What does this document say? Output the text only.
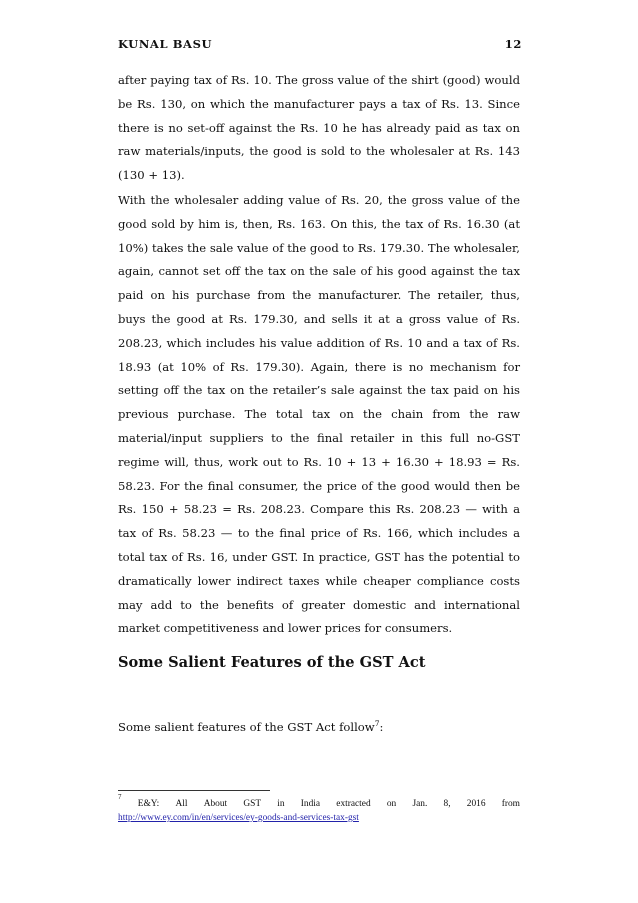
KUNAL BASU	12

after paying tax of Rs. 10. The gross value of the shirt (good) would be Rs. 130, on which the manufacturer pays a tax of Rs. 13. Since there is no set-off against the Rs. 10 he has already paid as tax on raw materials/inputs, the good is sold to the wholesaler at Rs. 143 (130 + 13).

With the wholesaler adding value of Rs. 20, the gross value of the good sold by him is, then, Rs. 163. On this, the tax of Rs. 16.30 (at 10%) takes the sale value of the good to Rs. 179.30. The wholesaler, again, cannot set off the tax on the sale of his good against the tax paid on his purchase from the manufacturer. The retailer, thus, buys the good at Rs. 179.30, and sells it at a gross value of Rs. 208.23, which includes his value addition of Rs. 10 and a tax of Rs. 18.93 (at 10% of Rs. 179.30). Again, there is no mechanism for setting off the tax on the retailer’s sale against the tax paid on his previous purchase. The total tax on the chain from the raw material/input suppliers to the final retailer in this full no-GST regime will, thus, work out to Rs. 10 + 13 + 16.30 + 18.93 = Rs. 58.23. For the final consumer, the price of the good would then be Rs. 150 + 58.23 = Rs. 208.23. Compare this Rs. 208.23 — with a tax of Rs. 58.23 — to the final price of Rs. 166, which includes a total tax of Rs. 16, under GST. In practice, GST has the potential to dramatically lower indirect taxes while cheaper compliance costs may add to the benefits of greater domestic and international market competitiveness and lower prices for consumers.

Some Salient Features of the GST Act

Some salient features of the GST Act follow$^7$:

7
E&Y: All About GST in India extracted on Jan. 8, 2016 from
http://www.ey.com/in/en/services/ey-goods-and-services-tax-gst
